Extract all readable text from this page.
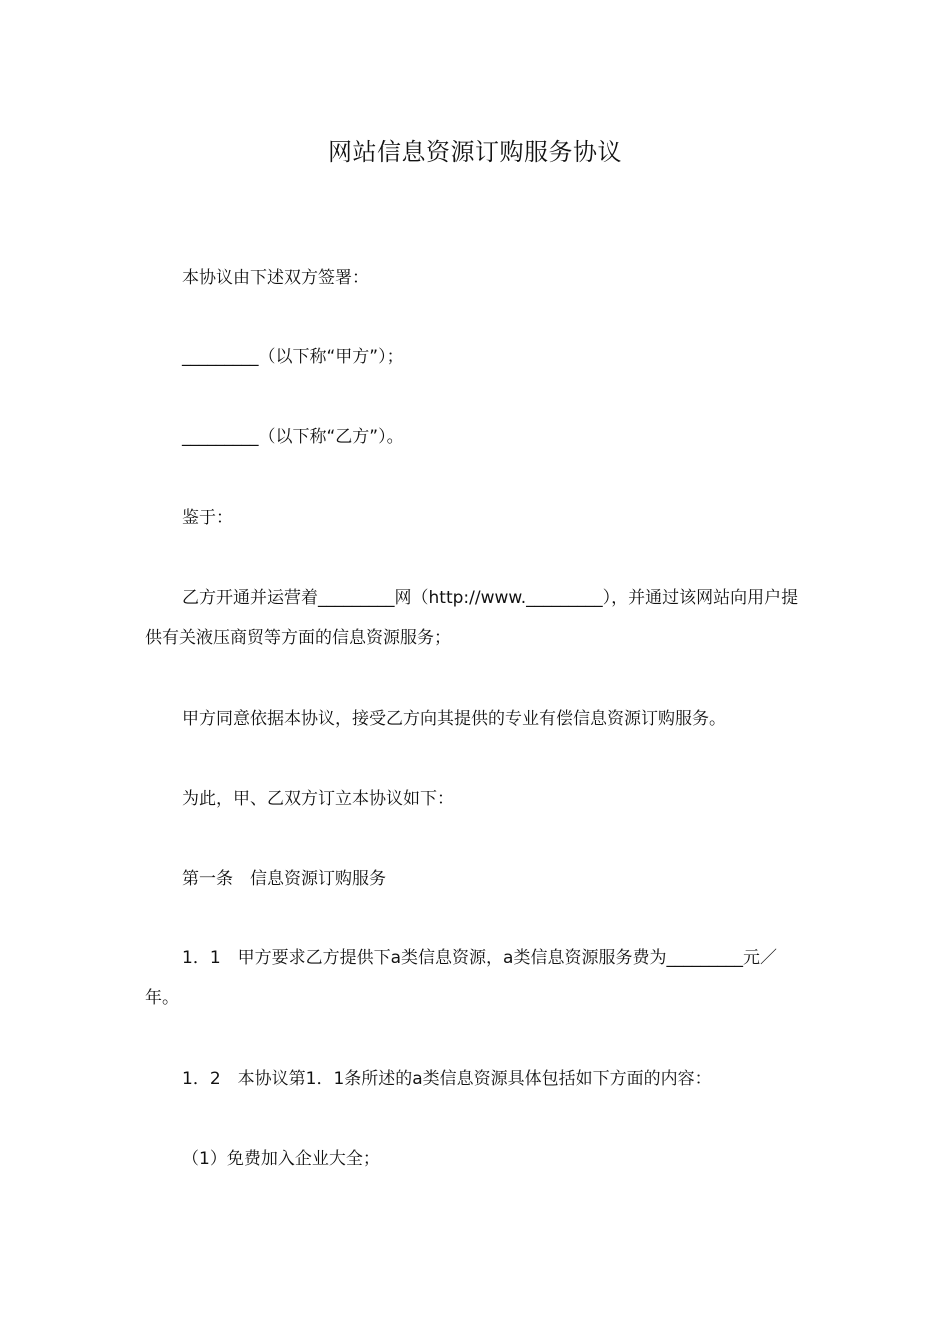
网站信息资源订购服务协议
本协议由下述双方签署：
_________（以下称“甲方”）；
_________（以下称“乙方”）。
鉴于：
乙方开通并运营着_________网（http://www._________），并通过该网站向用户提供有关液压商贸等方面的信息资源服务；
甲方同意依据本协议，接受乙方向其提供的专业有偿信息资源订购服务。
为此，甲、乙双方订立本协议如下：
第一条　信息资源订购服务
1．1　甲方要求乙方提供下a类信息资源，a类信息资源服务费为_________元／年。
1．2　本协议第1．1条所述的a类信息资源具体包括如下方面的内容：
（1）免费加入企业大全；
